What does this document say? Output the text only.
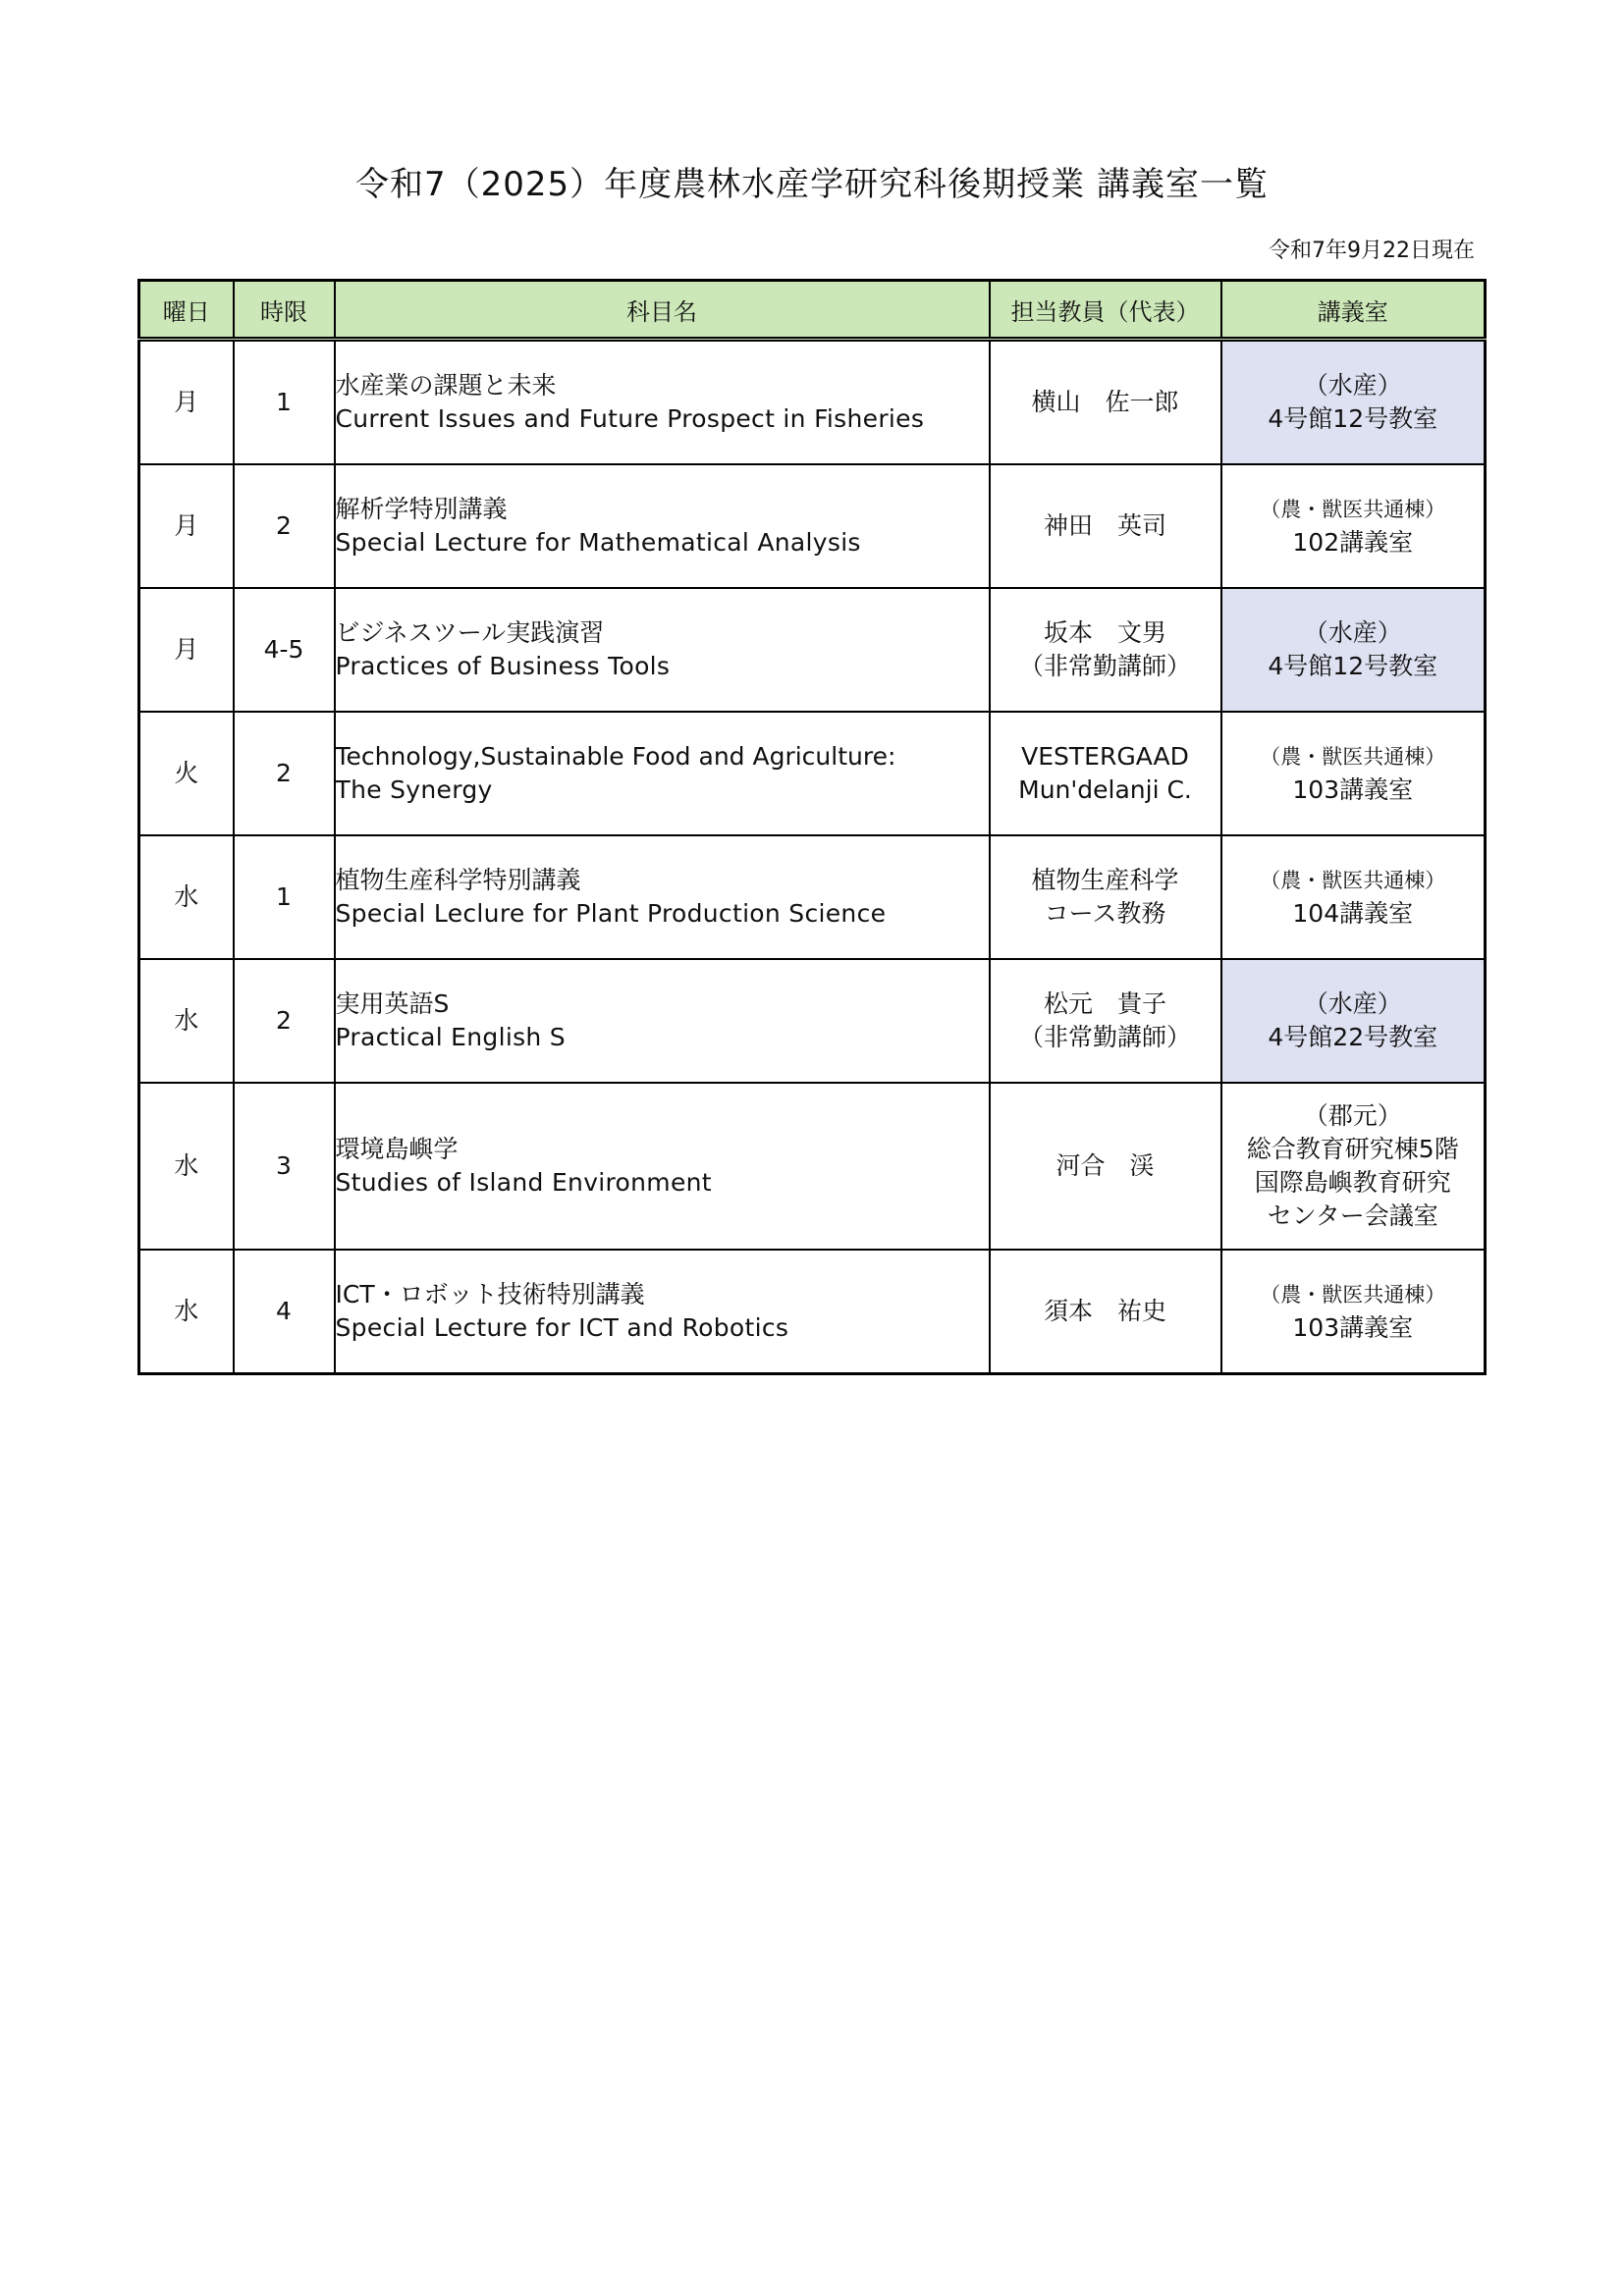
令和7（2025）年度農林水産学研究科後期授業 講義室一覧
令和7年9月22日現在
曜日	時限	科目名	担当教員（代表）	講義室
月	1	水産業の課題と未来
Current Issues and Future Prospect in Fisheries	横山　佐一郎	（水産）
4号館12号教室

月	2	解析学特別講義
Special Lecture for Mathematical Analysis	神田　英司	（農・獣医共通棟）
102講義室

月	4-5	ビジネスツール実践演習
Practices of Business Tools	坂本　文男
（非常勤講師）	（水産）
4号館12号教室

火	2	Technology,Sustainable Food and Agriculture:
The Synergy	VESTERGAAD
Mun'delanji C.	（農・獣医共通棟）
103講義室

水	1	植物生産科学特別講義
Special Leclure for Plant Production Science	植物生産科学
コース教務	（農・獣医共通棟）
104講義室

水	2	実用英語S
Practical English S	松元　貴子
（非常勤講師）	（水産）
4号館22号教室

水	3	環境島嶼学
Studies of Island Environment	河合　渓	（郡元）
総合教育研究棟5階
国際島嶼教育研究
センター会議室

水	4	ICT・ロボット技術特別講義
Special Lecture for ICT and Robotics	須本　祐史	（農・獣医共通棟）
103講義室
